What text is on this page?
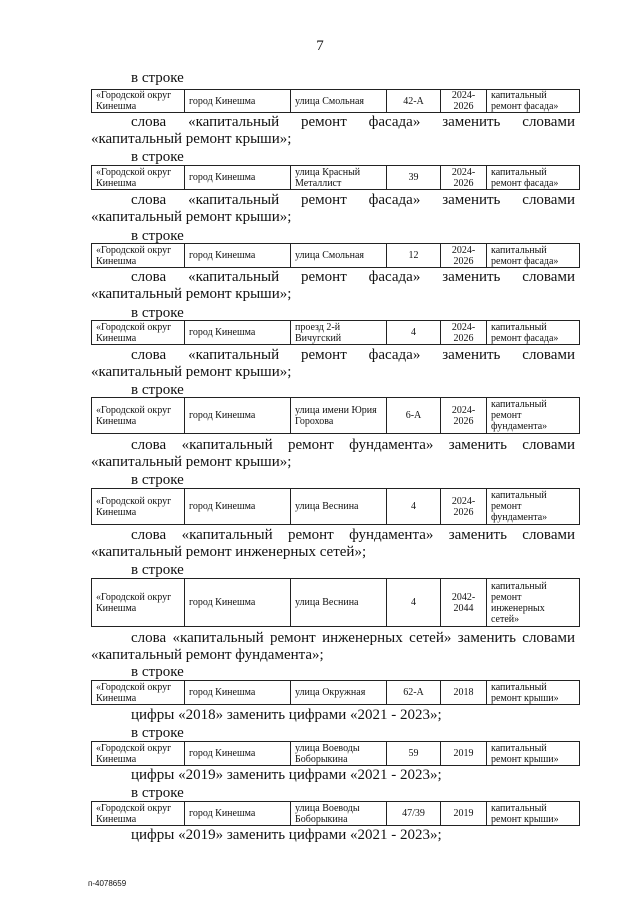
7
в строке
«Городской округ Кинешма	город Кинешма	улица Смольная	42-А	2024-2026	капитальный ремонт фасада»
слова «капитальный ремонт фасада» заменить словами
«капитальный ремонт крыши»;
в строке
«Городской округ Кинешма	город Кинешма	улица Красный Металлист	39	2024-2026	капитальный ремонт фасада»
слова «капитальный ремонт фасада» заменить словами
«капитальный ремонт крыши»;
в строке
«Городской округ Кинешма	город Кинешма	улица Смольная	12	2024-2026	капитальный ремонт фасада»
слова «капитальный ремонт фасада» заменить словами
«капитальный ремонт крыши»;
в строке
«Городской округ Кинешма	город Кинешма	проезд 2-й Вичугский	4	2024-2026	капитальный ремонт фасада»
слова «капитальный ремонт фасада» заменить словами
«капитальный ремонт крыши»;
в строке
«Городской округ Кинешма	город Кинешма	улица имени Юрия Горохова	6-А	2024-2026	капитальный ремонт фундамента»
слова «капитальный ремонт фундамента» заменить словами
«капитальный ремонт крыши»;
в строке
«Городской округ Кинешма	город Кинешма	улица Веснина	4	2024-2026	капитальный ремонт фундамента»
слова «капитальный ремонт фундамента» заменить словами
«капитальный ремонт инженерных сетей»;
в строке
«Городской округ Кинешма	город Кинешма	улица Веснина	4	2042-2044	капитальный ремонт инженерных сетей»
слова «капитальный ремонт инженерных сетей» заменить словами
«капитальный ремонт фундамента»;
в строке
«Городской округ Кинешма	город Кинешма	улица Окружная	62-А	2018	капитальный ремонт крыши»
цифры «2018» заменить цифрами «2021 - 2023»;
в строке
«Городской округ Кинешма	город Кинешма	улица Воеводы Боборыкина	59	2019	капитальный ремонт крыши»
цифры «2019» заменить цифрами «2021 - 2023»;
в строке
«Городской округ Кинешма	город Кинешма	улица Воеводы Боборыкина	47/39	2019	капитальный ремонт крыши»
цифры «2019» заменить цифрами «2021 - 2023»;
п-4078659
